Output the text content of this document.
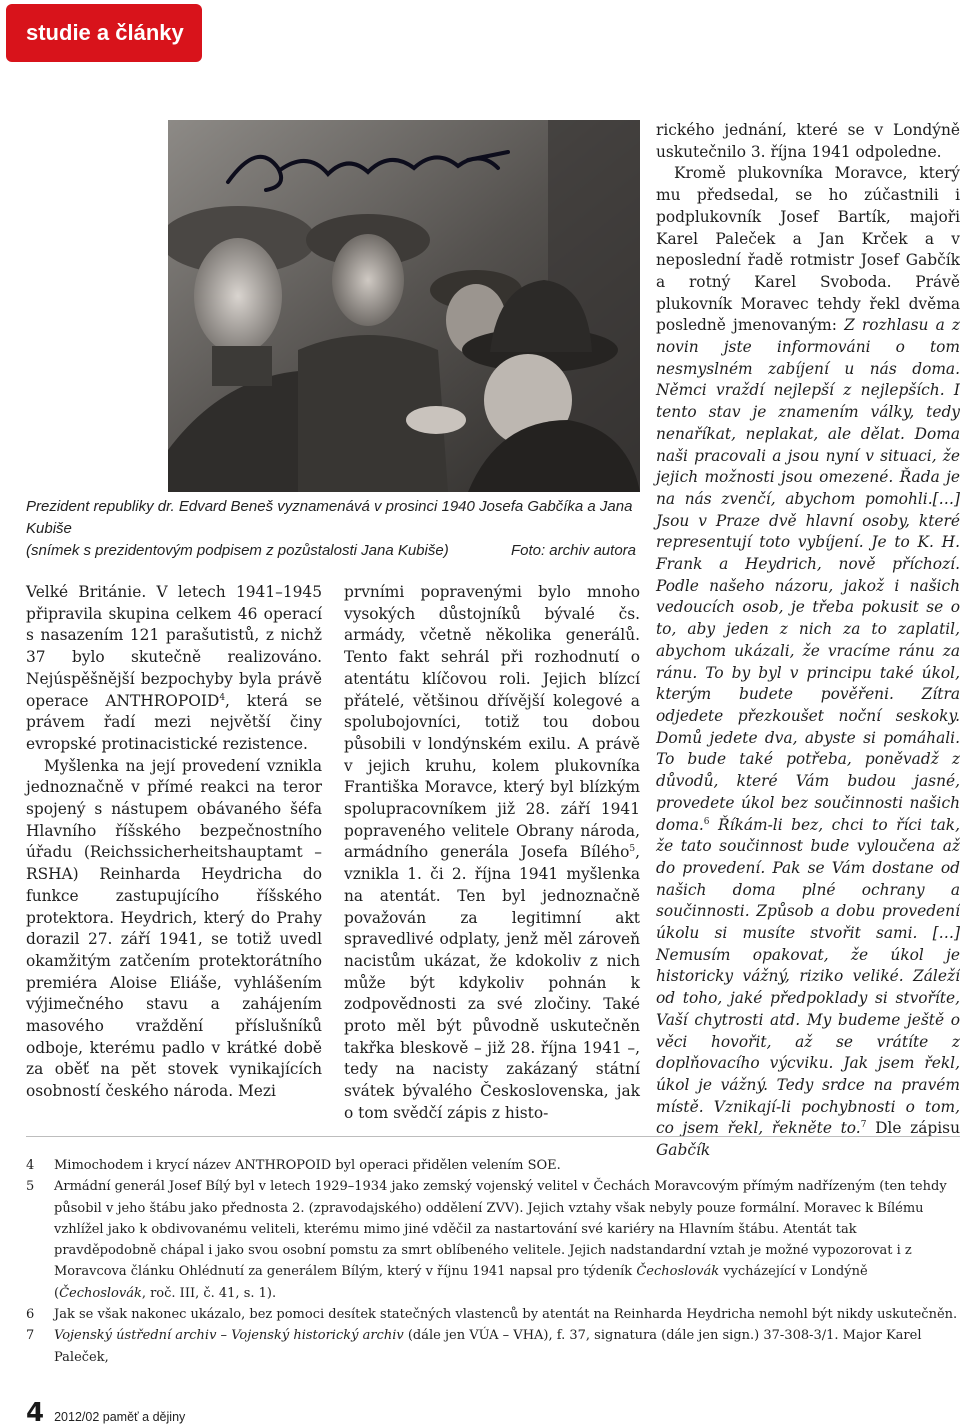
studie a články
Prezident republiky dr. Edvard Beneš vyznamenává v prosinci 1940 Josefa Gabčíka a Jana Kubiše
(snímek s prezidentovým podpisem z pozůstalosti Jana Kubiše)	Foto: archiv autora

Velké Británie. V letech 1941–1945 připravila skupina celkem 46 operací s nasazením 121 parašutistů, z nichž 37 bylo skutečně realizováno. Nejúspěšnější bezpochyby byla právě operace ANTHROPOID$^4$, která se právem řadí mezi největší činy evropské protinacistické rezistence.

Myšlenka na její provedení vznikla jednoznačně v přímé reakci na teror spojený s nástupem obávaného šéfa Hlavního říšského bezpečnostního úřadu (Reichssicherheitshauptamt – RSHA) Reinharda Heydricha do funkce zastupujícího říšského protektora. Heydrich, který do Prahy dorazil 27. září 1941, se totiž uvedl okamžitým zatčením protektorátního premiéra Aloise Eliáše, vyhlášením výjimečného stavu a zahájením masového vraždění příslušníků odboje, kterému padlo v krátké době za oběť na pět stovek vynikajících osobností českého národa. Mezi

prvními popravenými bylo mnoho vysokých důstojníků bývalé čs. armády, včetně několika generálů. Tento fakt sehrál při rozhodnutí o atentátu klíčovou roli. Jejich blízcí přátelé, většinou dřívější kolegové a spolubojovníci, totiž tou dobou působili v londýnském exilu. A právě v jejich kruhu, kolem plukovníka Františka Moravce, který byl blízkým spolupracovníkem již 28. září 1941 popraveného velitele Obrany národa, armádního generála Josefa Bílého$^5$, vznikla 1. či 2. října 1941 myšlenka na atentát. Ten byl jednoznačně považován za legitimní akt spravedlivé odplaty, jenž měl zároveň nacistům ukázat, že kdokoliv z nich může být kdykoliv pohnán k zodpovědnosti za své zločiny. Také proto měl být původně uskutečněn takřka bleskově – již 28. října 1941 –, tedy na nacisty zakázaný státní svátek bývalého Československa, jak o tom svědčí zápis z histo-

rického jednání, které se v Londýně uskutečnilo 3. října 1941 odpoledne.

Kromě plukovníka Moravce, který mu předsedal, se ho zúčastnili i podplukovník Josef Bartík, majoři Karel Paleček a Jan Krček a v neposlední řadě rotmistr Josef Gabčík a rotný Karel Svoboda. Právě plukovník Moravec tehdy řekl dvěma posledně jmenovaným: Z rozhlasu a z novin jste informováni o tom nesmyslném zabíjení u nás doma. Němci vraždí nejlepší z nejlepších. I tento stav je znamením války, tedy nenaříkat, neplakat, ale dělat. Doma naši pracovali a jsou nyní v situaci, že jejich možnosti jsou omezené. Řada je na nás zvenčí, abychom pomohli.[…] Jsou v Praze dvě hlavní osoby, které representují toto vybíjení. Je to K. H. Frank a Heydrich, nově příchozí. Podle našeho názoru, jakož i našich vedoucích osob, je třeba pokusit se o to, aby jeden z nich za to zaplatil, abychom ukázali, že vracíme ránu za ránu. To by byl v principu také úkol, kterým budete pověřeni. Zítra odjedete přezkoušet noční seskoky. Domů jedete dva, abyste si pomáhali. To bude také potřeba, poněvadž z důvodů, které Vám budou jasné, provedete úkol bez součinnosti našich doma.$^6$ Říkám-li bez, chci to říci tak, že tato součinnost bude vyloučena až do provedení. Pak se Vám dostane od našich doma plné ochrany a součinnosti. Způsob a dobu provedení úkolu si musíte stvořit sami. […] Nemusím opakovat, že úkol je historicky vážný, riziko veliké. Záleží od toho, jaké předpoklady si stvoříte, Vaší chytrosti atd. My budeme ještě o věci hovořit, až se vrátíte z doplňovacího výcviku. Jak jsem řekl, úkol je vážný. Tedy srdce na pravém místě. Vznikají-li pochybnosti o tom, co jsem řekl, řekněte to.$^7$ Dle zápisu Gabčík

4	Mimochodem i krycí název ANTHROPOID byl operaci přidělen velením SOE.
5	Armádní generál Josef Bílý byl v letech 1929–1934 jako zemský vojenský velitel v Čechách Moravcovým přímým nadřízeným (ten tehdy působil v jeho štábu jako přednosta 2. (zpravodajského) oddělení ZVV). Jejich vztahy však nebyly pouze formální. Moravec k Bílému vzhlížel jako k obdivovanému veliteli, kterému mimo jiné vděčil za nastartování své kariéry na Hlavním štábu. Atentát tak pravděpodobně chápal i jako svou osobní pomstu za smrt oblíbeného velitele. Jejich nadstandardní vztah je možné vypozorovat i z Moravcova článku Ohlédnutí za generálem Bílým, který v říjnu 1941 napsal pro týdeník Čechoslovák vycházející v Londýně (Čechoslovák, roč. III, č. 41, s. 1).
6	Jak se však nakonec ukázalo, bez pomoci desítek statečných vlastenců by atentát na Reinharda Heydricha nemohl být nikdy uskutečněn.
7	Vojenský ústřední archiv – Vojenský historický archiv (dále jen VÚA – VHA), f. 37, signatura (dále jen sign.) 37-308-3/1. Major Karel Paleček,
4 2012/02 paměť a dějiny
